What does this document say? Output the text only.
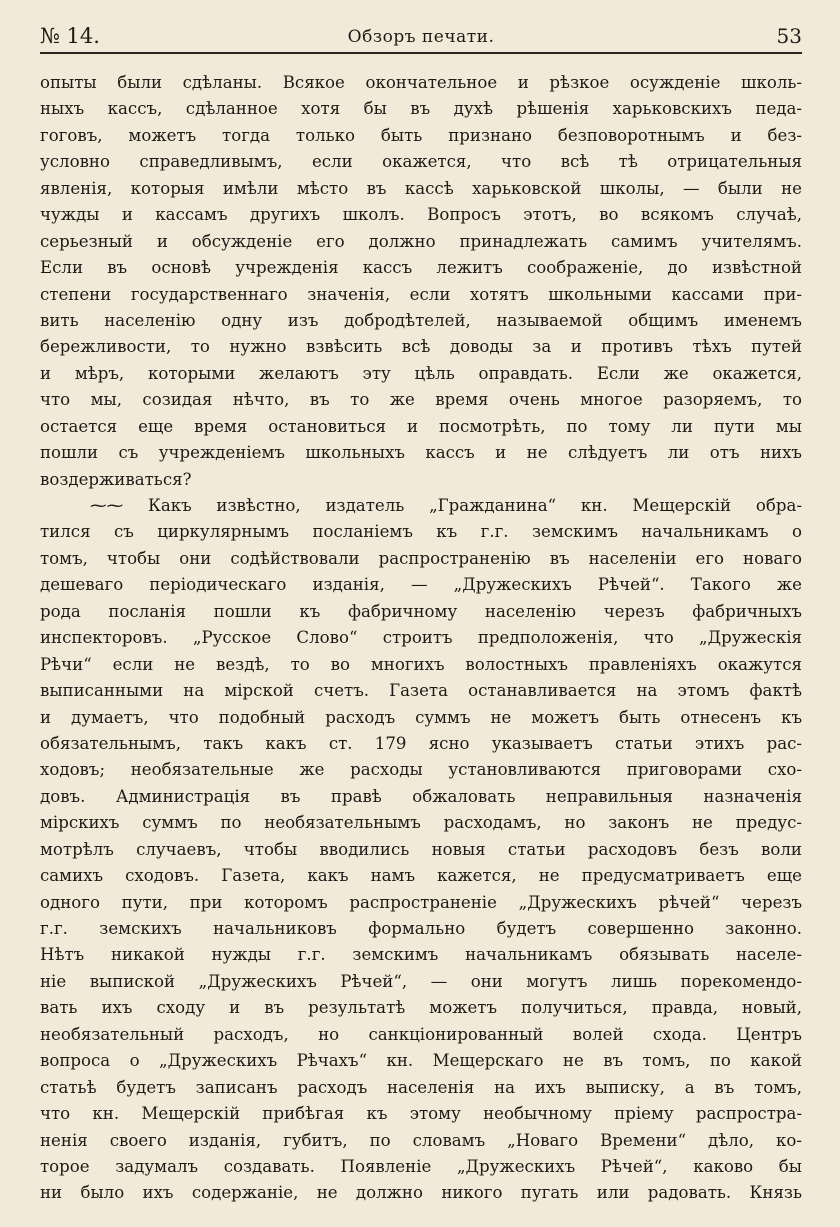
№ 14.	Обзоръ печати.	53
опыты были сдѣланы. Всякое окончательное и рѣзкое осужденіе школь-
ныхъ кассъ, сдѣланное хотя бы въ духѣ рѣшенія харьковскихъ педа-
гоговъ, можетъ тогда только быть признано безповоротнымъ и без-
условно справедливымъ, если окажется, что всѣ тѣ отрицательныя
явленія, которыя имѣли мѣсто въ кассѣ харьковской школы, — были не
чужды и кассамъ другихъ школъ. Вопросъ этотъ, во всякомъ случаѣ,
серьезный и обсужденіе его должно принадлежать самимъ учителямъ.
Если въ основѣ учрежденія кассъ лежитъ соображеніе, до извѣстной
степени государственнаго значенія, если хотятъ школьными кассами при-
вить населенію одну изъ добродѣтелей, называемой общимъ именемъ
бережливости, то нужно взвѣсить всѣ доводы за и противъ тѣхъ путей
и мѣръ, которыми желаютъ эту цѣль оправдать. Если же окажется,
что мы, созидая нѣчто, въ то же время очень многое разоряемъ, то
остается еще время остановиться и посмотрѣть, по тому ли пути мы
пошли съ учрежденіемъ школьныхъ кассъ и не слѣдуетъ ли отъ нихъ
воздерживаться?
⁓⁓ Какъ извѣстно, издатель „Гражданина“ кн. Мещерскій обра-
тился съ циркулярнымъ посланіемъ къ г.г. земскимъ начальникамъ о
томъ, чтобы они содѣйствовали распространенію въ населеніи его новаго
дешеваго періодическаго изданія, — „Дружескихъ Рѣчей“. Такого же
рода посланія пошли къ фабричному населенію черезъ фабричныхъ
инспекторовъ. „Русское Слово“ строитъ предположенія, что „Дружескія
Рѣчи“ если не вездѣ, то во многихъ волостныхъ правленіяхъ окажутся
выписанными на мірской счетъ. Газета останавливается на этомъ фактѣ
и думаетъ, что подобный расходъ суммъ не можетъ быть отнесенъ къ
обязательнымъ, такъ какъ ст. 179 ясно указываетъ статьи этихъ рас-
ходовъ; необязательные же расходы установливаются приговорами схо-
довъ. Администрація въ правѣ обжаловать неправильныя назначенія
мірскихъ суммъ по необязательнымъ расходамъ, но законъ не предус-
мотрѣлъ случаевъ, чтобы вводились новыя статьи расходовъ безъ воли
самихъ сходовъ. Газета, какъ намъ кажется, не предусматриваетъ еще
одного пути, при которомъ распространеніе „Дружескихъ рѣчей“ черезъ
г.г. земскихъ начальниковъ формально будетъ совершенно законно.
Нѣтъ никакой нужды г.г. земскимъ начальникамъ обязывать населе-
ніе выпиской „Дружескихъ Рѣчей“, — они могутъ лишь порекомендо-
вать ихъ сходу и въ результатѣ можетъ получиться, правда, новый,
необязательный расходъ, но санкціонированный волей схода. Центръ
вопроса о „Дружескихъ Рѣчахъ“ кн. Мещерскаго не въ томъ, по какой
статьѣ будетъ записанъ расходъ населенія на ихъ выписку, а въ томъ,
что кн. Мещерскій прибѣгая къ этому необычному пріему распростра-
ненія своего изданія, губитъ, по словамъ „Новаго Времени“ дѣло, ко-
торое задумалъ создавать. Появленіе „Дружескихъ Рѣчей“, каково бы
ни было ихъ содержаніе, не должно никого пугать или радовать. Князь
